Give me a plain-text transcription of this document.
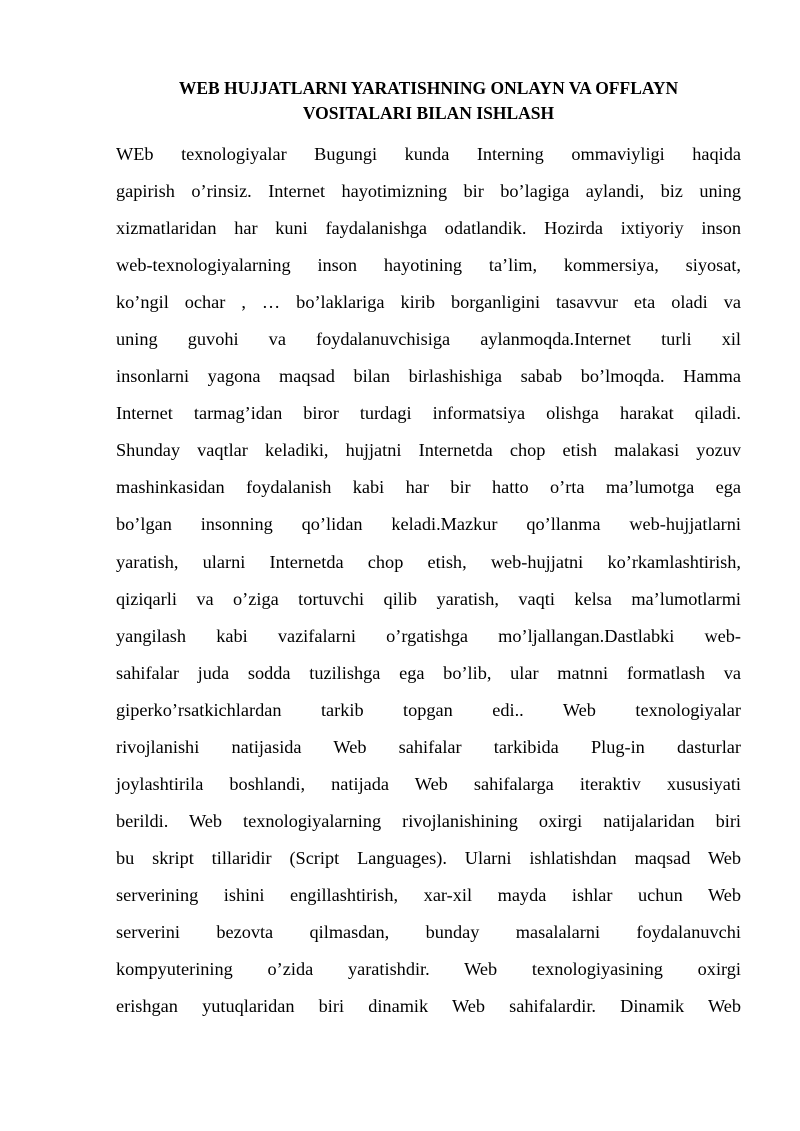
WEB HUJJATLARNI YARATISHNING ONLAYN VA OFFLAYN
VOSITALARI BILAN ISHLASH
WEb texnologiyalar Bugungi kunda Interning ommaviyligi haqida
gapirish o’rinsiz. Internet hayotimizning bir bo’lagiga aylandi, biz uning
xizmatlaridan har kuni faydalanishga odatlandik. Hozirda ixtiyoriy inson
web-texnologiyalarning inson hayotining ta’lim, kommersiya, siyosat,
ko’ngil ochar , … bo’laklariga kirib borganligini tasavvur eta oladi va
uning guvohi va foydalanuvchisiga aylanmoqda.Internet turli xil
insonlarni yagona maqsad bilan birlashishiga sabab bo’lmoqda. Hamma
Internet tarmag’idan biror turdagi informatsiya olishga harakat qiladi.
Shunday vaqtlar keladiki, hujjatni Internetda chop etish malakasi yozuv
mashinkasidan foydalanish kabi har bir hatto o’rta ma’lumotga ega
bo’lgan insonning qo’lidan keladi.Mazkur qo’llanma web-hujjatlarni
yaratish, ularni Internetda chop etish, web-hujjatni ko’rkamlashtirish,
qiziqarli va o’ziga tortuvchi qilib yaratish, vaqti kelsa ma’lumotlarmi
yangilash kabi vazifalarni o’rgatishga mo’ljallangan.Dastlabki web-
sahifalar juda sodda tuzilishga ega bo’lib, ular matnni formatlash va
giperko’rsatkichlardan tarkib topgan edi.. Web texnologiyalar
rivojlanishi natijasida Web sahifalar tarkibida Plug-in dasturlar
joylashtirila boshlandi, natijada Web sahifalarga iteraktiv xususiyati
berildi. Web texnologiyalarning rivojlanishining oxirgi natijalaridan biri
bu skript tillaridir (Script Languages). Ularni ishlatishdan maqsad Web
serverining ishini engillashtirish, xar-xil mayda ishlar uchun Web
serverini bezovta qilmasdan, bunday masalalarni foydalanuvchi
kompyuterining o’zida yaratishdir. Web texnologiyasining oxirgi
erishgan yutuqlaridan biri dinamik Web sahifalardir. Dinamik Web
